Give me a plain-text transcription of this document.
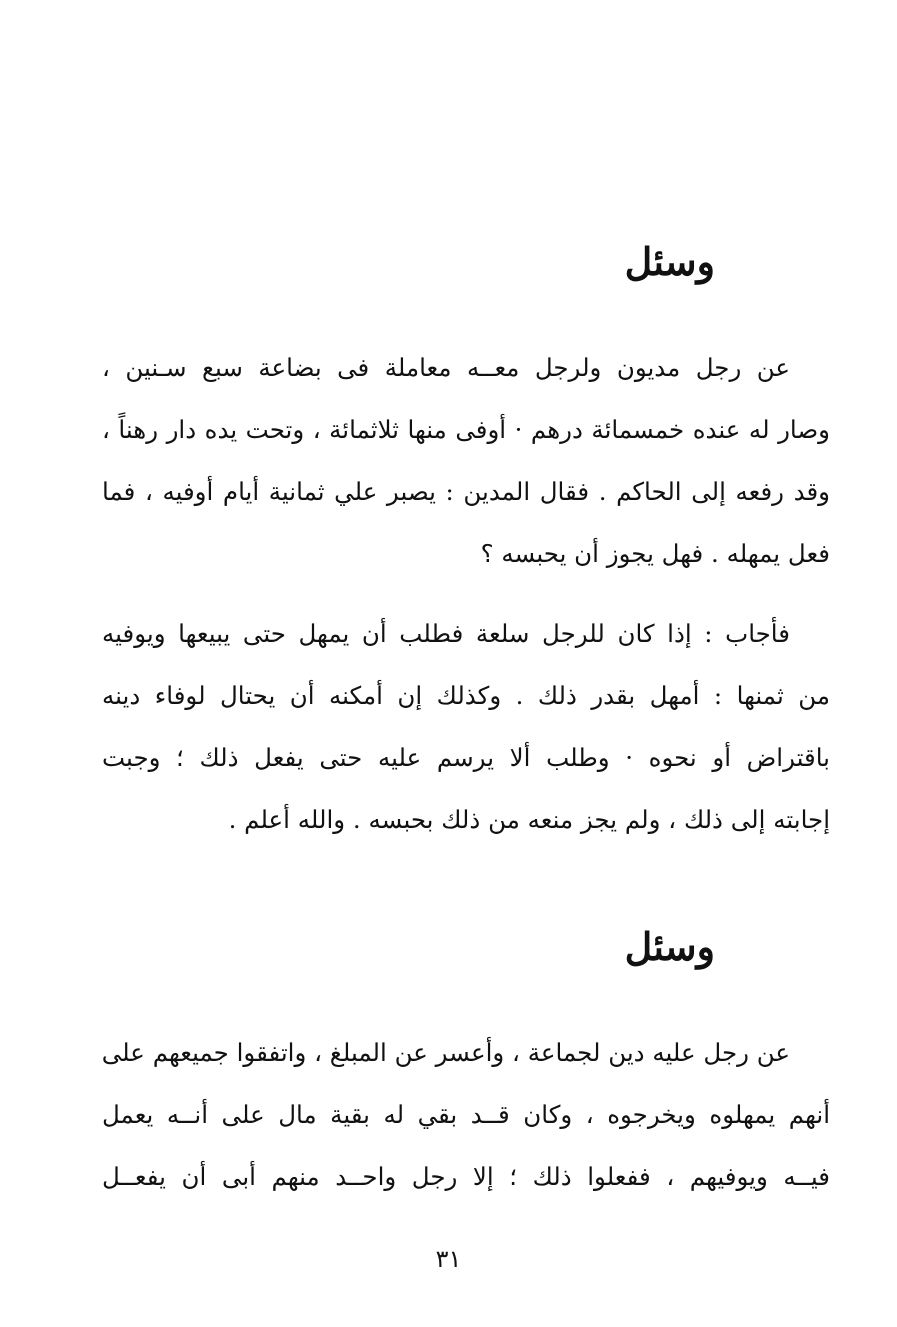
وسئل
عن رجل مديون ولرجل معــه معاملة فى بضاعة سبع سـنين ،
وصار له عنده خمسمائة درهم · أوفى منها ثلاثمائة ، وتحت يده دار رهناً ،
وقد رفعه إلى الحاكم . فقال المدين : يصبر علي ثمانية أيام أوفيه ، فما
فعل يمهله . فهل يجوز أن يحبسه ؟
فأجاب : إذا كان للرجل سلعة فطلب أن يمهل حتى يبيعها ويوفيه
من ثمنها : أمهل بقدر ذلك . وكذلك إن أمكنه أن يحتال لوفاء دينه
باقتراض أو نحوه · وطلب ألا يرسم عليه حتى يفعل ذلك ؛ وجبت
إجابته إلى ذلك ، ولم يجز منعه من ذلك بحبسه . والله أعلم .
وسئل
عن رجل عليه دين لجماعة ، وأعسر عن المبلغ ، واتفقوا جميعهم على
أنهم يمهلوه ويخرجوه ، وكان قــد بقي له بقية مال على أنــه يعمل
فيــه ويوفيهم ، ففعلوا ذلك ؛ إلا رجل واحــد منهم أبى أن يفعــل
٣١
